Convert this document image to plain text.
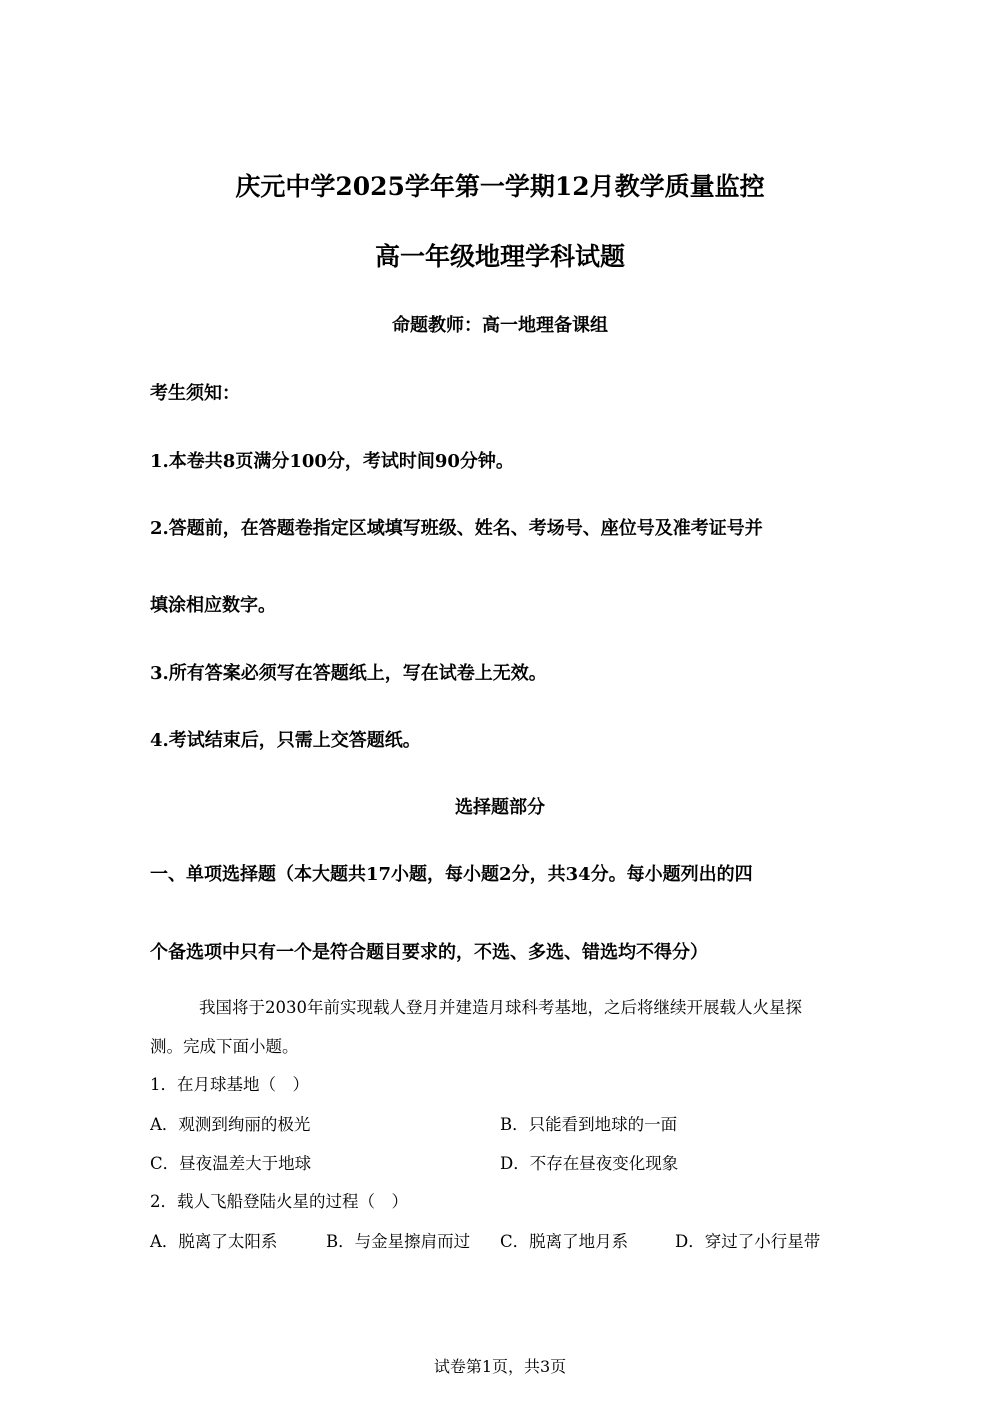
庆元中学2025学年第一学期12月教学质量监控
高一年级地理学科试题
命题教师：高一地理备课组
考生须知：
1.本卷共8页满分100分，考试时间90分钟。
2.答题前，在答题卷指定区域填写班级、姓名、考场号、座位号及准考证号并
填涂相应数字。
3.所有答案必须写在答题纸上，写在试卷上无效。
4.考试结束后，只需上交答题纸。
选择题部分
一、单项选择题（本大题共17小题，每小题2分，共34分。每小题列出的四
个备选项中只有一个是符合题目要求的，不选、多选、错选均不得分）
我国将于2030年前实现载人登月并建造月球科考基地，之后将继续开展载人火星探
测。完成下面小题。
1．在月球基地（　）
A．观测到绚丽的极光	B．只能看到地球的一面
C．昼夜温差大于地球	D．不存在昼夜变化现象
2．载人飞船登陆火星的过程（　）
A．脱离了太阳系	B．与金星擦肩而过 C．脱离了地月系	D．穿过了小行星带
试卷第1页，共3页
